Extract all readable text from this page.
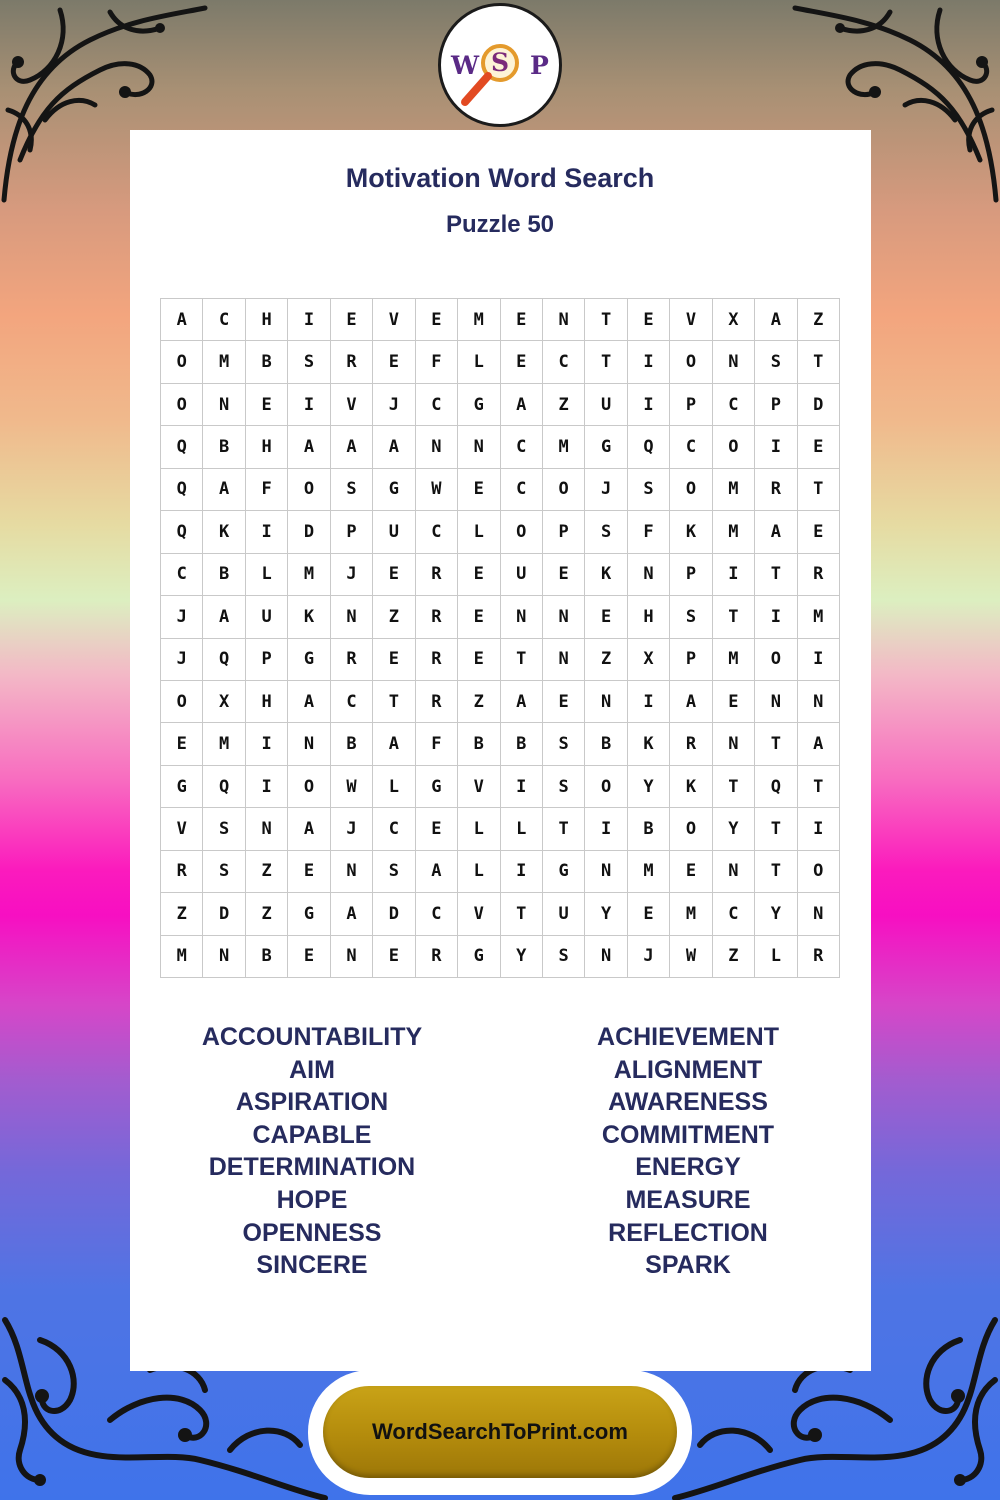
W S P
Motivation Word Search
Puzzle 50
A	C	H	I	E	V	E	M	E	N	T	E	V	X	A	Z
O	M	B	S	R	E	F	L	E	C	T	I	O	N	S	T
O	N	E	I	V	J	C	G	A	Z	U	I	P	C	P	D
Q	B	H	A	A	A	N	N	C	M	G	Q	C	O	I	E
Q	A	F	O	S	G	W	E	C	O	J	S	O	M	R	T
Q	K	I	D	P	U	C	L	O	P	S	F	K	M	A	E
C	B	L	M	J	E	R	E	U	E	K	N	P	I	T	R
J	A	U	K	N	Z	R	E	N	N	E	H	S	T	I	M
J	Q	P	G	R	E	R	E	T	N	Z	X	P	M	O	I
O	X	H	A	C	T	R	Z	A	E	N	I	A	E	N	N
E	M	I	N	B	A	F	B	B	S	B	K	R	N	T	A
G	Q	I	O	W	L	G	V	I	S	O	Y	K	T	Q	T
V	S	N	A	J	C	E	L	L	T	I	B	O	Y	T	I
R	S	Z	E	N	S	A	L	I	G	N	M	E	N	T	O
Z	D	Z	G	A	D	C	V	T	U	Y	E	M	C	Y	N
M	N	B	E	N	E	R	G	Y	S	N	J	W	Z	L	R
ACCOUNTABILITY
AIM
ASPIRATION
CAPABLE
DETERMINATION
HOPE
OPENNESS
SINCERE
ACHIEVEMENT
ALIGNMENT
AWARENESS
COMMITMENT
ENERGY
MEASURE
REFLECTION
SPARK
WordSearchToPrint.com
